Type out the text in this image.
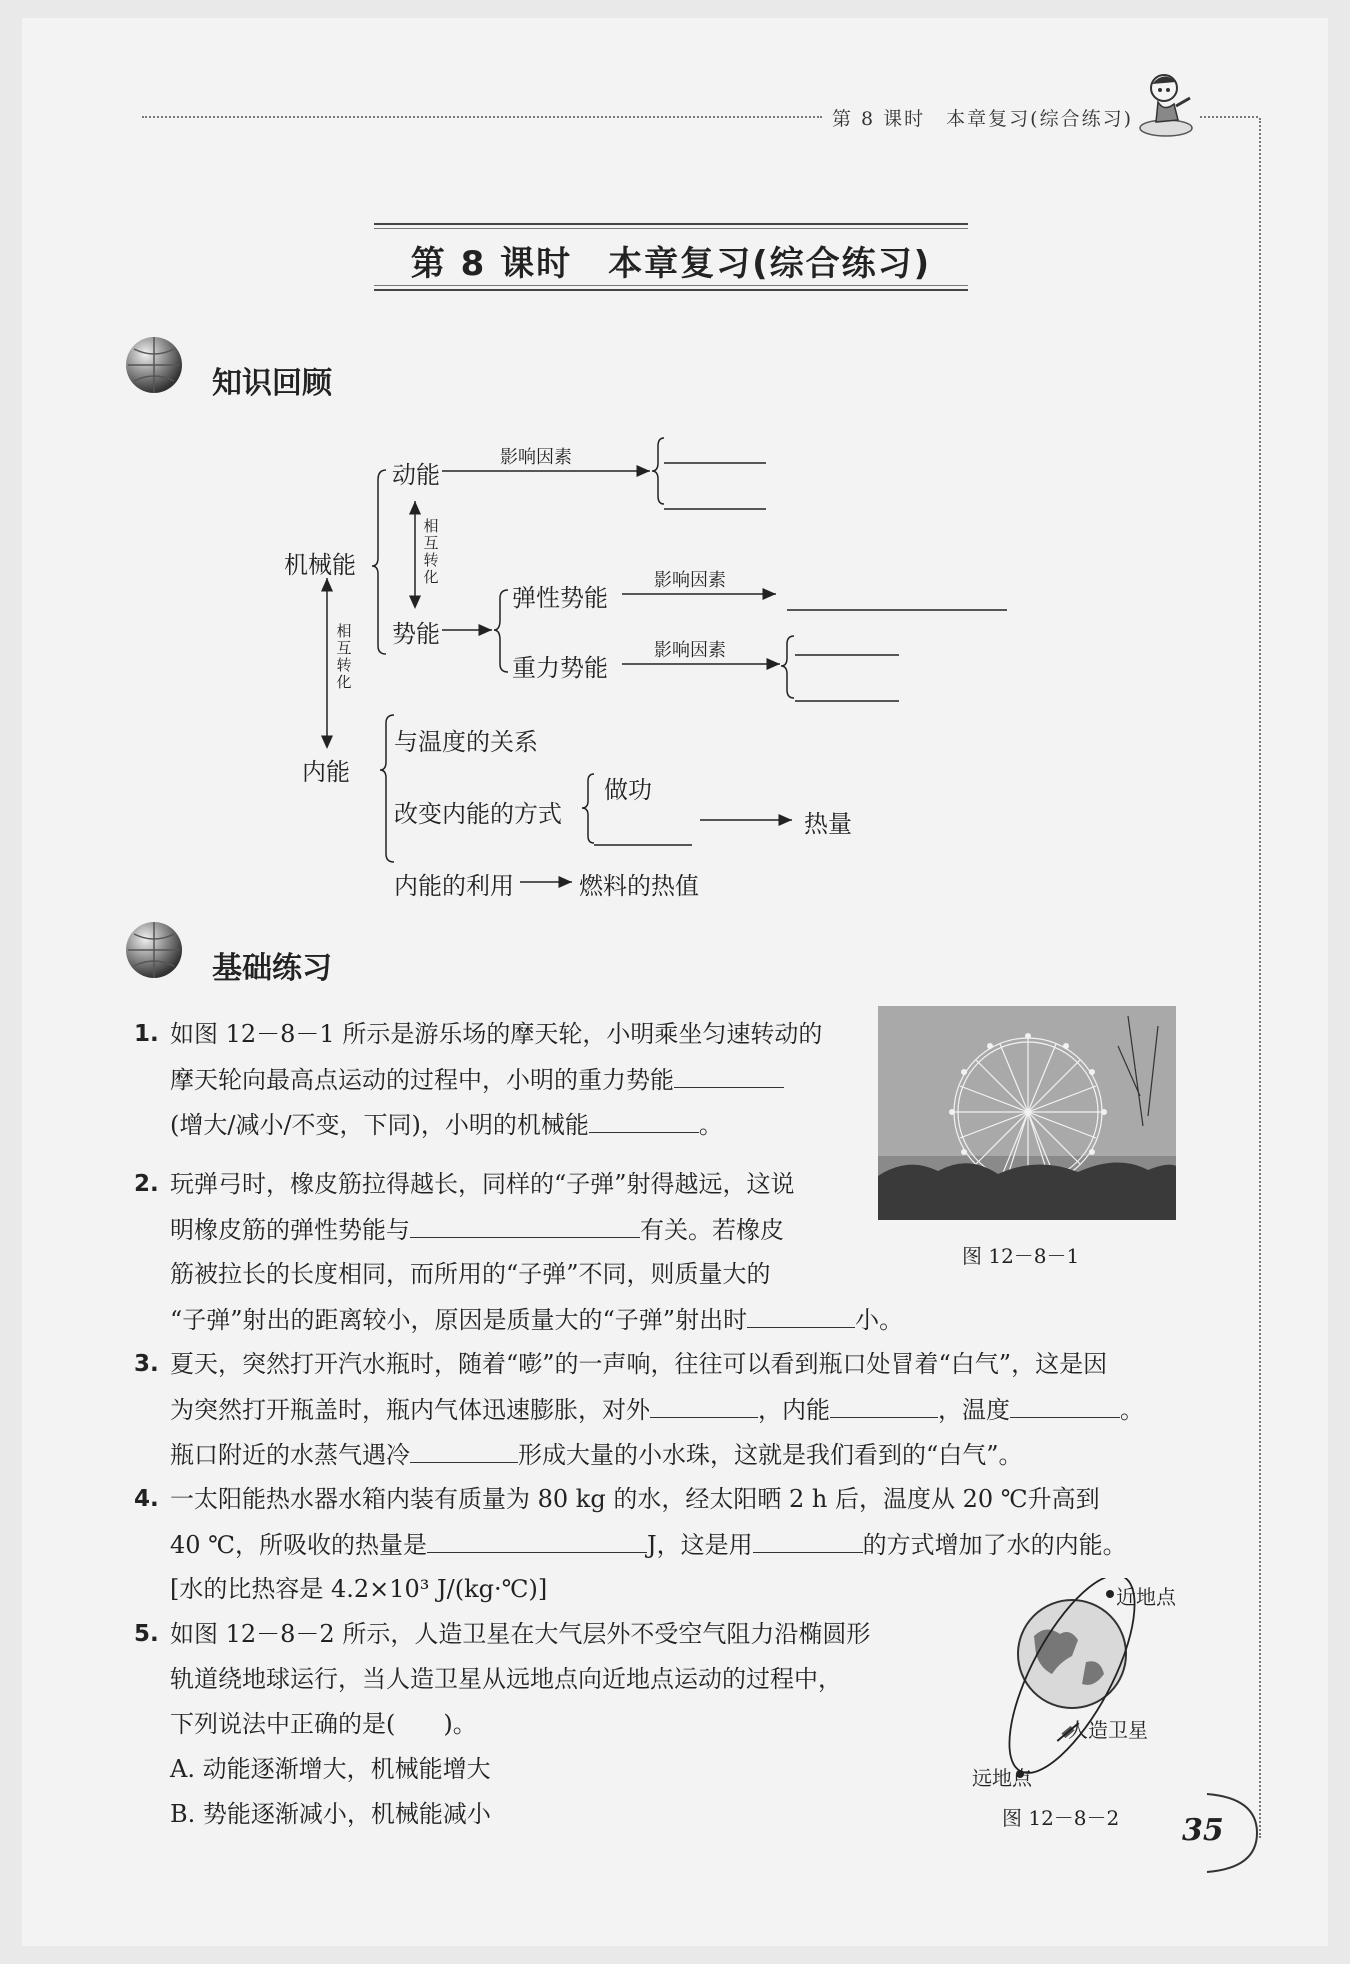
第 8 课时　本章复习(综合练习)
第 8 课时　本章复习(综合练习)
知识回顾
机械能
动能
影响因素
相
互
转
化
势能
弹性势能
影响因素
重力势能
影响因素
相
互
转
化
内能
与温度的关系
改变内能的方式
做功
热量
内能的利用	燃料的热值
基础练习
1. 如图 12－8－1 所示是游乐场的摩天轮，小明乘坐匀速转动的
摩天轮向最高点运动的过程中，小明的重力势能
(增大/减小/不变，下同)，小明的机械能	。
图 12－8－1
2. 玩弹弓时，橡皮筋拉得越长，同样的“子弹”射得越远，这说
明橡皮筋的弹性势能与	有关。若橡皮
筋被拉长的长度相同，而所用的“子弹”不同，则质量大的
“子弹”射出的距离较小，原因是质量大的“子弹”射出时	小。
3. 夏天，突然打开汽水瓶时，随着“嘭”的一声响，往往可以看到瓶口处冒着“白气”，这是因
为突然打开瓶盖时，瓶内气体迅速膨胀，对外	，内能	，温度	。
瓶口附近的水蒸气遇冷	形成大量的小水珠，这就是我们看到的“白气”。
4. 一太阳能热水器水箱内装有质量为 80 kg 的水，经太阳晒 2 h 后，温度从 20 ℃升高到
40 ℃，所吸收的热量是	J，这是用	的方式增加了水的内能。
[水的比热容是 4.2×10³ J/(kg·℃)]
5. 如图 12－8－2 所示，人造卫星在大气层外不受空气阻力沿椭圆形
轨道绕地球运行，当人造卫星从远地点向近地点运动的过程中，
下列说法中正确的是(　　)。
A. 动能逐渐增大，机械能增大
B. 势能逐渐减小，机械能减小
近地点
人造卫星
远地点
图 12－8－2 35
